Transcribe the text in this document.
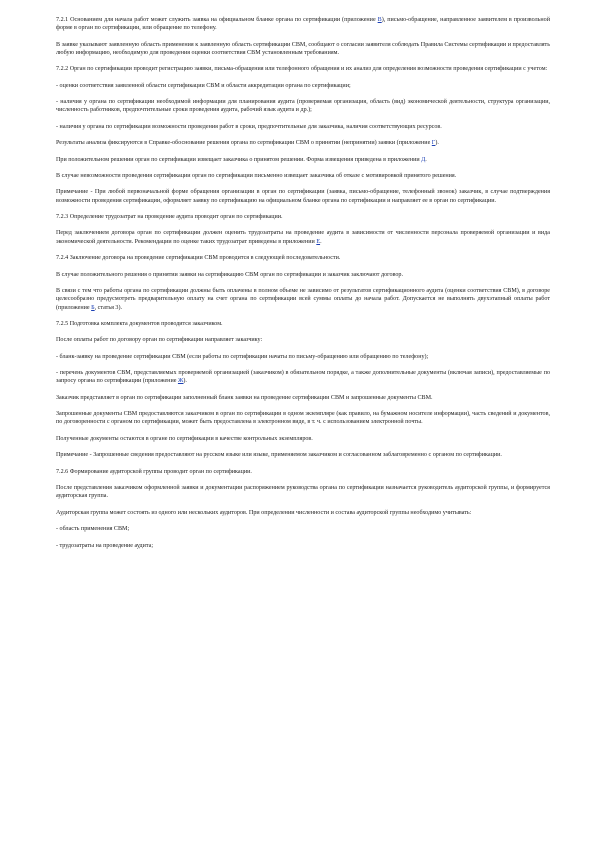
7.2.1 Основанием для начала работ может служить заявка на официальном бланке органа по сертификации (приложение В), письмо-обращение, направленное заявителем в произвольной форме в орган по сертификации, или обращение по телефону.

В заявке указывают заявленную область применения к заявленную область сертификации СВМ, сообщают о согласии заявителя соблюдать Правила Системы сертификации и предоставлять любую информацию, необходимую для проведения оценки соответствия СВМ установленным требованиям.

7.2.2 Орган по сертификации проводит регистрацию заявки, письма-обращения или телефонного обращения и их анализ для определения возможности проведения сертификации с учетом:

- оценки соответствия заявленной области сертификации СВМ и области аккредитации органа по сертификации;

- наличия у органа по сертификации необходимой информации для планирования аудита (проверяемая организация, область (вид) экономической деятельности, структура организации, численность работников, предпочтительные сроки проведения аудита, рабочий язык аудита и др.);

- наличия у органа по сертификации возможности проведения работ в сроки, предпочтительные для заказчика, наличия соответствующих ресурсов.

Результаты анализа фиксируются в Справке-обоснование решения органа по сертификации СВМ о принятии (непринятии) заявки (приложение Г).

При положительном решении орган по сертификации извещает заказчика о принятом решении. Форма извещения приведена в приложении Д.

В случае невозможности проведения сертификации орган по сертификации письменно извещает заказчика об отказе с мотивировкой принятого решения.

Примечание - При любой первоначальной форме обращения организации в орган по сертификации (заявка, письмо-обращение, телефонный звонок) заказчик, в случае подтверждения возможности проведения сертификации, оформляет заявку по сертификацию на официальном бланке органа по сертификации и направляет ее в орган по сертификации.

7.2.3 Определение трудозатрат на проведение аудита проводит орган по сертификации.

Перед заключением договора орган по сертификации должен оценить трудозатраты на проведение аудита в зависимости от численности персонала проверяемой организации и вида экономической деятельности. Рекомендации по оценке таких трудозатрат приведены в приложении Е.

7.2.4 Заключение договора на проведение сертификации СВМ проводится в следующей последовательности.

В случае положительного решения о принятии заявки на сертификацию СВМ орган по сертификации и заказчик заключают договор.

В связи с тем что работы органа по сертификации должны быть оплачены в полном объеме не зависимо от результатов сертификационного аудита (оценки соответствия СВМ), в договоре целесообразно предусмотреть предварительную оплату на счет органа по сертификации всей суммы оплаты до начала работ. Допускается не выполнять двухэтапный оплаты работ (приложение Б, статья 3).

7.2.5 Подготовка комплекта документов проводится заказчиком.

После оплаты работ по договору орган по сертификации направляет заказчику:

- бланк-заявку на проведение сертификации СВМ (если работы по сертификации начаты по письму-обращению или обращению по телефону);

- перечень документов СВМ, представляемых проверяемой организацией (заказчиком) в обязательном порядке, а также дополнительные документы (включая записи), предоставляемые по запросу органа по сертификации (приложение Ж).

Заказчик представляет в орган по сертификации заполненный бланк заявки на проведение сертификации СВМ и запрошенные документы СВМ.

Запрошенные документы СВМ предоставляются заказчиком в орган по сертификации в одном экземпляре (как правило, на бумажном носителе информации), часть сведений и документов, по договоренности с органом по сертификации, может быть предоставлена в электронном виде, в т. ч. с использованием электронной почты.

Полученные документы остаются в органе по сертификации в качестве контрольных экземпляров.

Примечание - Запрошенные сведения предоставляют на русском языке или языке, применяемом заказчиком и согласованном заблаговременно с органом по сертификации.

7.2.6 Формирование аудиторской группы проводит орган по сертификации.

После представления заказчиком оформленной заявки и документации распоряжением руководства органа по сертификации назначается руководитель аудиторской группы, и формируется аудиторская группа.

Аудиторская группа может состоять из одного или нескольких аудиторов. При определении численности и состава аудиторской группы необходимо учитывать:

- область применения СВМ;

- трудозатраты на проведение аудита;
